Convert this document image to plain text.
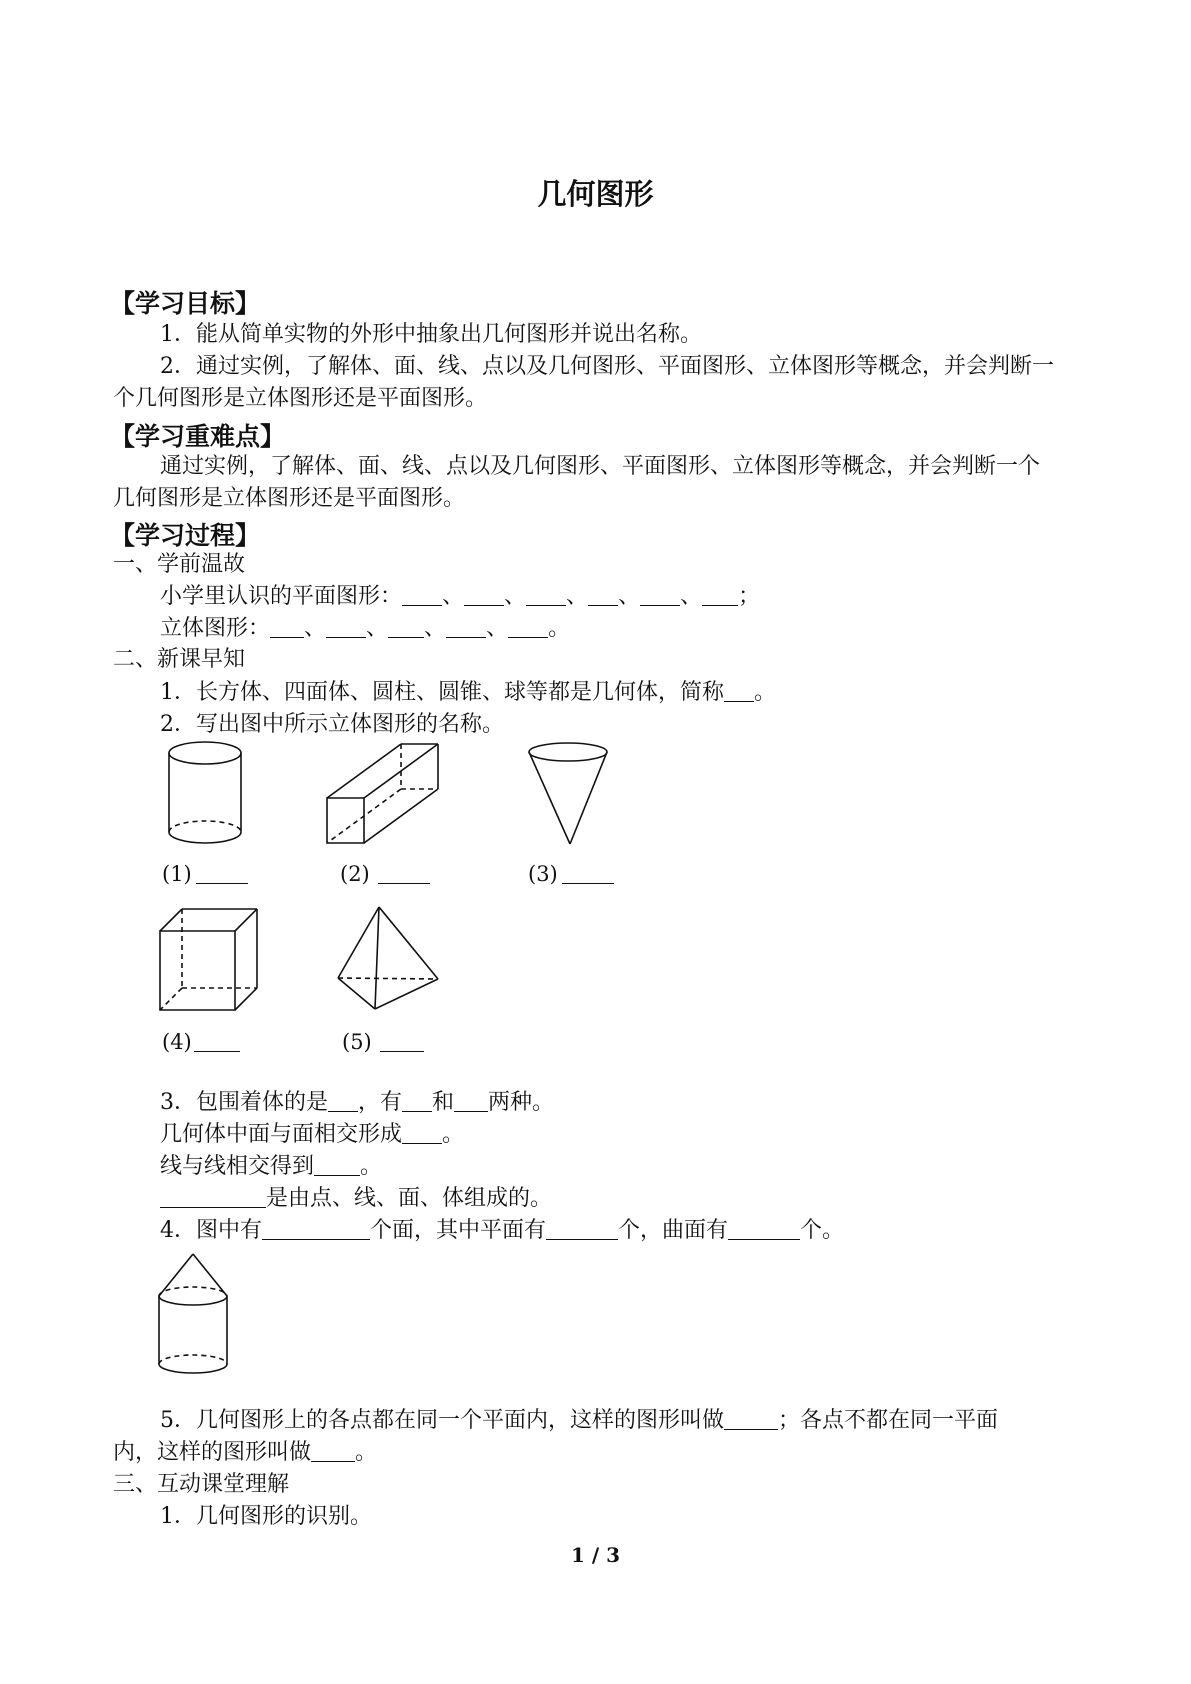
几何图形
【学习目标】
1．能从简单实物的外形中抽象出几何图形并说出名称。
2．通过实例，了解体、面、线、点以及几何图形、平面图形、立体图形等概念，并会判断一
个几何图形是立体图形还是平面图形。
【学习重难点】
通过实例，了解体、面、线、点以及几何图形、平面图形、立体图形等概念，并会判断一个
几何图形是立体图形还是平面图形。
【学习过程】
一、学前温故
小学里认识的平面图形： 、 、 、 、 、 ；
立体图形： 、 、 、 、 。
二、新课早知
1．长方体、四面体、圆柱、圆锥、球等都是几何体，简称 。
2．写出图中所示立体图形的名称。
(1)	(2)	(3)
(4)	(5)
3．包围着体的是 ，有 和 两种。
几何体中面与面相交形成 。
线与线相交得到 。
是由点、线、面、体组成的。
4．图中有	个面，其中平面有	个，曲面有	个。
5．几何图形上的各点都在同一个平面内，这样的图形叫做 ；各点不都在同一平面
内，这样的图形叫做 。
三、互动课堂理解
1．几何图形的识别。
1 / 3
